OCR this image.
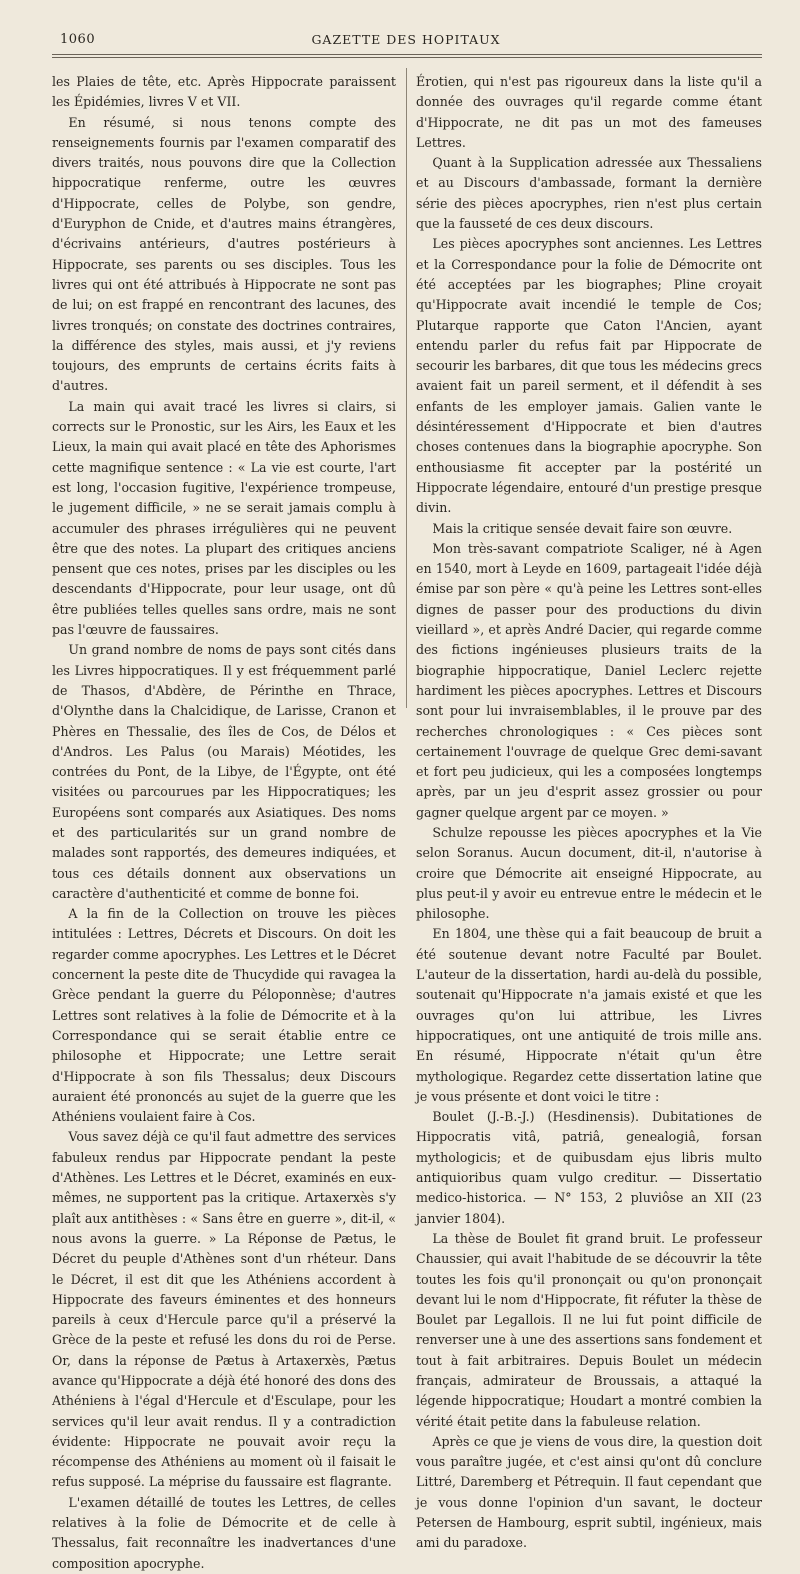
1060	GAZETTE DES HOPITAUX

les Plaies de tête, etc. Après Hippocrate paraissent les Épidémies, livres V et VII.

En résumé, si nous tenons compte des renseignements fournis par l'examen comparatif des divers traités, nous pouvons dire que la Collection hippocratique renferme, outre les œuvres d'Hippocrate, celles de Polybe, son gendre, d'Euryphon de Cnide, et d'autres mains étrangères, d'écrivains antérieurs, d'autres postérieurs à Hippocrate, ses parents ou ses disciples. Tous les livres qui ont été attribués à Hippocrate ne sont pas de lui; on est frappé en rencontrant des lacunes, des livres tronqués; on constate des doctrines contraires, la différence des styles, mais aussi, et j'y reviens toujours, des emprunts de certains écrits faits à d'autres.

La main qui avait tracé les livres si clairs, si corrects sur le Pronostic, sur les Airs, les Eaux et les Lieux, la main qui avait placé en tête des Aphorismes cette magnifique sentence : « La vie est courte, l'art est long, l'occasion fugitive, l'expérience trompeuse, le jugement difficile, » ne se serait jamais complu à accumuler des phrases irrégulières qui ne peuvent être que des notes. La plupart des critiques anciens pensent que ces notes, prises par les disciples ou les descendants d'Hippocrate, pour leur usage, ont dû être publiées telles quelles sans ordre, mais ne sont pas l'œuvre de faussaires.

Un grand nombre de noms de pays sont cités dans les Livres hippocratiques. Il y est fréquemment parlé de Thasos, d'Abdère, de Périnthe en Thrace, d'Olynthe dans la Chalcidique, de Larisse, Cranon et Phères en Thessalie, des îles de Cos, de Délos et d'Andros. Les Palus (ou Marais) Méotides, les contrées du Pont, de la Libye, de l'Égypte, ont été visitées ou parcourues par les Hippocratiques; les Européens sont comparés aux Asiatiques. Des noms et des particularités sur un grand nombre de malades sont rapportés, des demeures indiquées, et tous ces détails donnent aux observations un caractère d'authenticité et comme de bonne foi.

A la fin de la Collection on trouve les pièces intitulées : Lettres, Décrets et Discours. On doit les regarder comme apocryphes. Les Lettres et le Décret concernent la peste dite de Thucydide qui ravagea la Grèce pendant la guerre du Péloponnèse; d'autres Lettres sont relatives à la folie de Démocrite et à la Correspondance qui se serait établie entre ce philosophe et Hippocrate; une Lettre serait d'Hippocrate à son fils Thessalus; deux Discours auraient été prononcés au sujet de la guerre que les Athéniens voulaient faire à Cos.

Vous savez déjà ce qu'il faut admettre des services fabuleux rendus par Hippocrate pendant la peste d'Athènes. Les Lettres et le Décret, examinés en eux-mêmes, ne supportent pas la critique. Artaxerxès s'y plaît aux antithèses : « Sans être en guerre », dit-il, « nous avons la guerre. » La Réponse de Pætus, le Décret du peuple d'Athènes sont d'un rhéteur. Dans le Décret, il est dit que les Athéniens accordent à Hippocrate des faveurs éminentes et des honneurs pareils à ceux d'Hercule parce qu'il a préservé la Grèce de la peste et refusé les dons du roi de Perse. Or, dans la réponse de Pætus à Artaxerxès, Pætus avance qu'Hippocrate a déjà été honoré des dons des Athéniens à l'égal d'Hercule et d'Esculape, pour les services qu'il leur avait rendus. Il y a contradiction évidente: Hippocrate ne pouvait avoir reçu la récompense des Athéniens au moment où il faisait le refus supposé. La méprise du faussaire est flagrante.

L'examen détaillé de toutes les Lettres, de celles relatives à la folie de Démocrite et de celle à Thessalus, fait reconnaître les inadvertances d'une composition apocryphe.

Érotien, qui n'est pas rigoureux dans la liste qu'il a donnée des ouvrages qu'il regarde comme étant d'Hippocrate, ne dit pas un mot des fameuses Lettres.

Quant à la Supplication adressée aux Thessaliens et au Discours d'ambassade, formant la dernière série des pièces apocryphes, rien n'est plus certain que la fausseté de ces deux discours.

Les pièces apocryphes sont anciennes. Les Lettres et la Correspondance pour la folie de Démocrite ont été acceptées par les biographes; Pline croyait qu'Hippocrate avait incendié le temple de Cos; Plutarque rapporte que Caton l'Ancien, ayant entendu parler du refus fait par Hippocrate de secourir les barbares, dit que tous les médecins grecs avaient fait un pareil serment, et il défendit à ses enfants de les employer jamais. Galien vante le désintéressement d'Hippocrate et bien d'autres choses contenues dans la biographie apocryphe. Son enthousiasme fit accepter par la postérité un Hippocrate légendaire, entouré d'un prestige presque divin.

Mais la critique sensée devait faire son œuvre.

Mon très-savant compatriote Scaliger, né à Agen en 1540, mort à Leyde en 1609, partageait l'idée déjà émise par son père « qu'à peine les Lettres sont-elles dignes de passer pour des productions du divin vieillard », et après André Dacier, qui regarde comme des fictions ingénieuses plusieurs traits de la biographie hippocratique, Daniel Leclerc rejette hardiment les pièces apocryphes. Lettres et Discours sont pour lui invraisemblables, il le prouve par des recherches chronologiques : « Ces pièces sont certainement l'ouvrage de quelque Grec demi-savant et fort peu judicieux, qui les a composées longtemps après, par un jeu d'esprit assez grossier ou pour gagner quelque argent par ce moyen. »

Schulze repousse les pièces apocryphes et la Vie selon Soranus. Aucun document, dit-il, n'autorise à croire que Démocrite ait enseigné Hippocrate, au plus peut-il y avoir eu entrevue entre le médecin et le philosophe.

En 1804, une thèse qui a fait beaucoup de bruit a été soutenue devant notre Faculté par Boulet. L'auteur de la dissertation, hardi au-delà du possible, soutenait qu'Hippocrate n'a jamais existé et que les ouvrages qu'on lui attribue, les Livres hippocratiques, ont une antiquité de trois mille ans. En résumé, Hippocrate n'était qu'un être mythologique. Regardez cette dissertation latine que je vous présente et dont voici le titre :

Boulet (J.-B.-J.) (Hesdinensis). Dubitationes de Hippocratis vitâ, patriâ, genealogiâ, forsan mythologicis; et de quibusdam ejus libris multo antiquioribus quam vulgo creditur. — Dissertatio medico-historica. — N° 153, 2 pluviôse an XII (23 janvier 1804).

La thèse de Boulet fit grand bruit. Le professeur Chaussier, qui avait l'habitude de se découvrir la tête toutes les fois qu'il prononçait ou qu'on prononçait devant lui le nom d'Hippocrate, fit réfuter la thèse de Boulet par Legallois. Il ne lui fut point difficile de renverser une à une des assertions sans fondement et tout à fait arbitraires. Depuis Boulet un médecin français, admirateur de Broussais, a attaqué la légende hippocratique; Houdart a montré combien la vérité était petite dans la fabuleuse relation.

Après ce que je viens de vous dire, la question doit vous paraître jugée, et c'est ainsi qu'ont dû conclure Littré, Daremberg et Pétrequin. Il faut cependant que je vous donne l'opinion d'un savant, le docteur Petersen de Hambourg, esprit subtil, ingénieux, mais ami du paradoxe.
